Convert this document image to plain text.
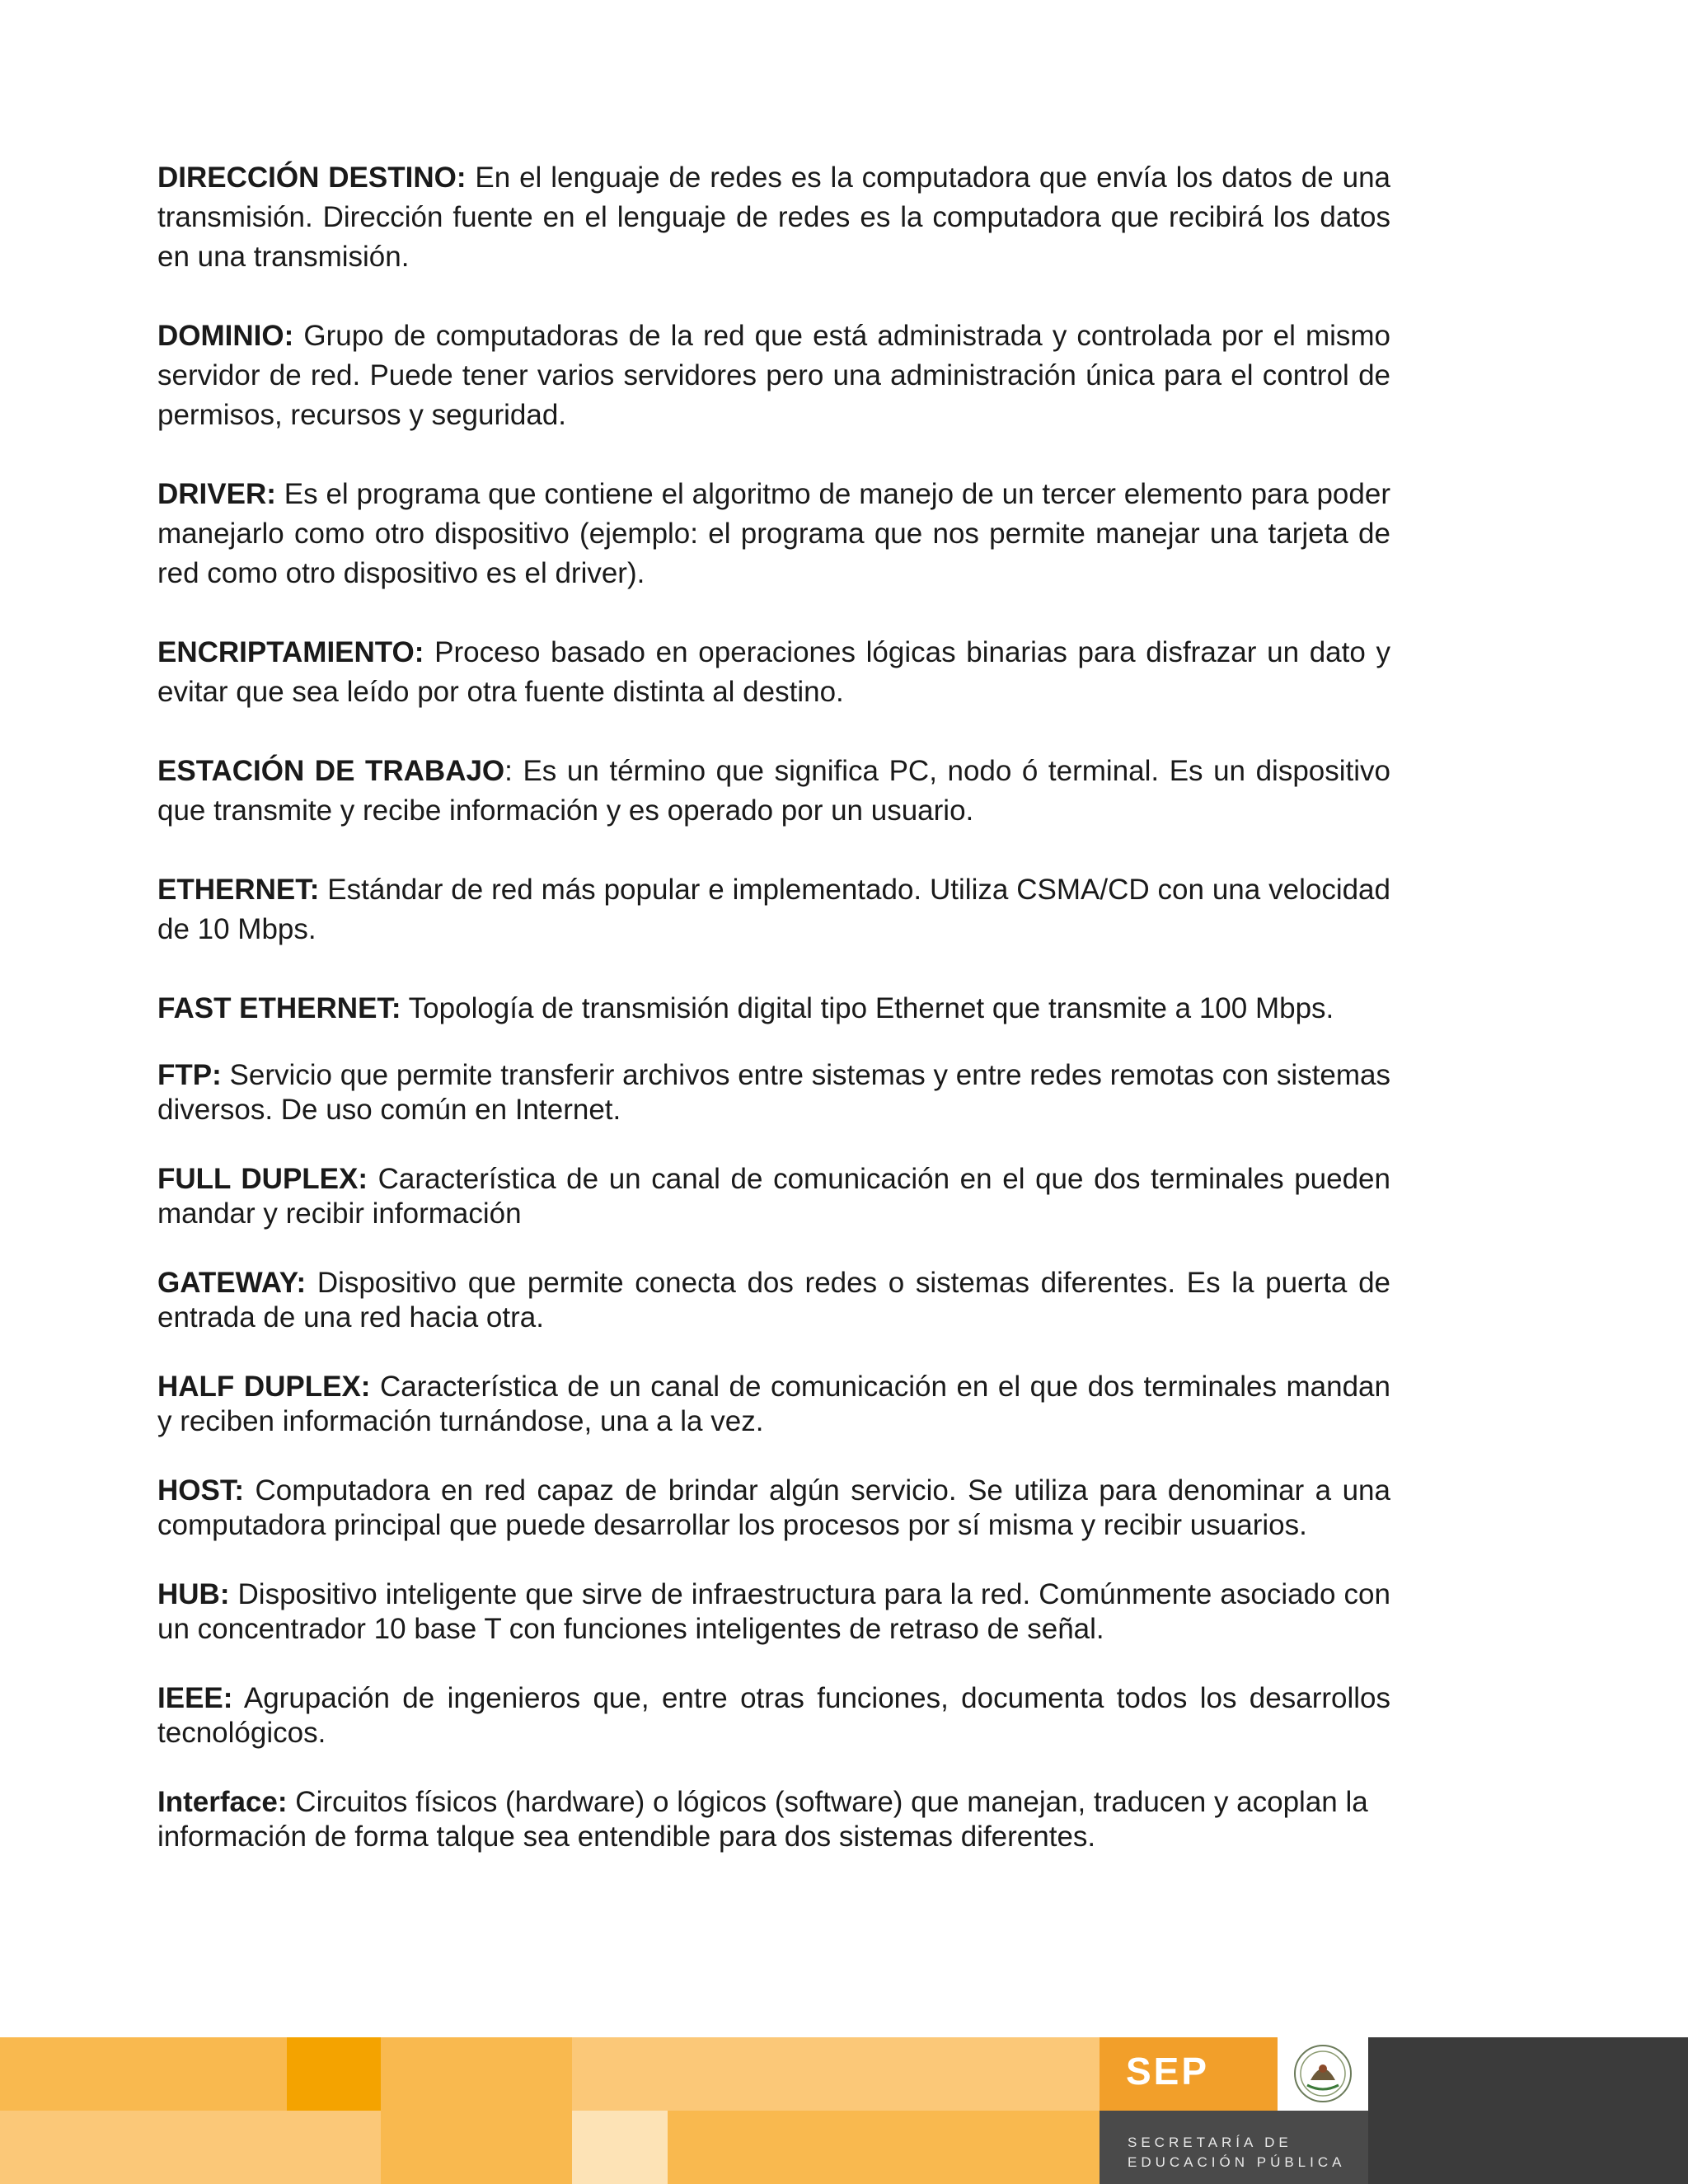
DIRECCIÓN DESTINO: En el lenguaje de redes es la computadora que envía los datos de una transmisión. Dirección fuente en el lenguaje de redes es la computadora que recibirá los datos en una transmisión.

DOMINIO: Grupo de computadoras de la red que está administrada y controlada por el mismo servidor de red. Puede tener varios servidores pero una administración única para el control de permisos, recursos y seguridad.

DRIVER: Es el programa que contiene el algoritmo de manejo de un tercer elemento para poder manejarlo como otro dispositivo (ejemplo: el programa que nos permite manejar una tarjeta de red como otro dispositivo es el driver).

ENCRIPTAMIENTO: Proceso basado en operaciones lógicas binarias para disfrazar un dato y evitar que sea leído por otra fuente distinta al destino.

ESTACIÓN DE TRABAJO: Es un término que significa PC, nodo ó terminal. Es un dispositivo que transmite y recibe información y es operado por un usuario.

ETHERNET: Estándar de red más popular e implementado. Utiliza CSMA/CD con una velocidad de 10 Mbps.

FAST ETHERNET: Topología de transmisión digital tipo Ethernet que transmite a 100 Mbps.

FTP: Servicio que permite transferir archivos entre sistemas y entre redes remotas con sistemas diversos. De uso común en Internet.

FULL DUPLEX: Característica de un canal de comunicación en el que dos terminales pueden mandar y recibir información

GATEWAY: Dispositivo que permite conecta dos redes o sistemas diferentes. Es la puerta de entrada de una red hacia otra.

HALF DUPLEX: Característica de un canal de comunicación en el que dos terminales mandan y reciben información turnándose, una a la vez.

HOST: Computadora en red capaz de brindar algún servicio. Se utiliza para denominar a una computadora principal que puede desarrollar los procesos por sí misma y recibir usuarios.

HUB: Dispositivo inteligente que sirve de infraestructura para la red. Comúnmente asociado con un concentrador 10 base T con funciones inteligentes de retraso de señal.

IEEE: Agrupación de ingenieros que, entre otras funciones, documenta todos los desarrollos tecnológicos.

Interface: Circuitos físicos (hardware) o lógicos (software) que manejan, traducen y acoplan la información de forma talque sea entendible para dos sistemas diferentes.

SEP
SECRETARÍA DE
EDUCACIÓN PÚBLICA
